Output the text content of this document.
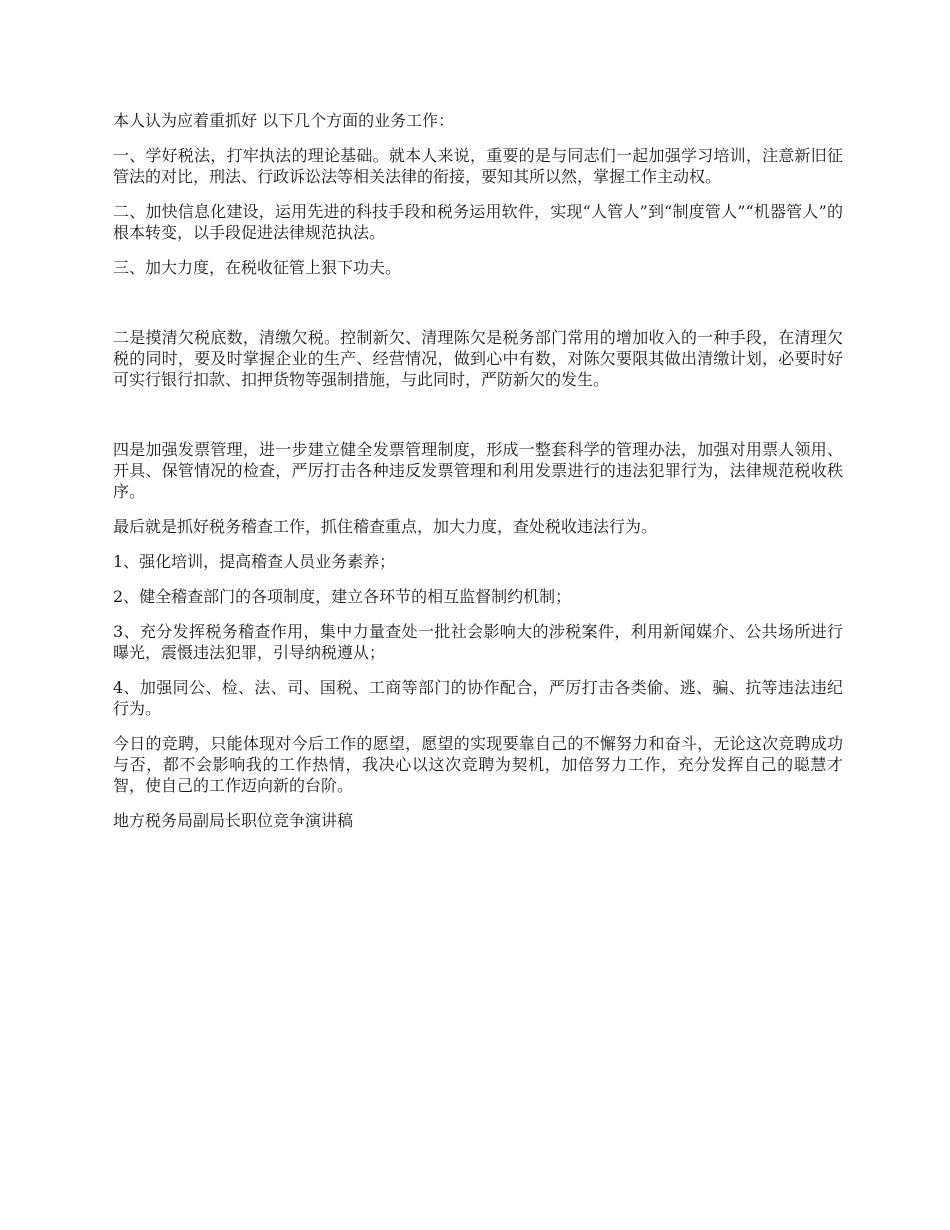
本人认为应着重抓好 以下几个方面的业务工作：

一、学好税法，打牢执法的理论基础。就本人来说，重要的是与同志们一起加强学习培训，注意新旧征管法的对比，刑法、行政诉讼法等相关法律的衔接，要知其所以然，掌握工作主动权。

二、加快信息化建设，运用先进的科技手段和税务运用软件，实现“人管人”到“制度管人”“机器管人”的根本转变，以手段促进法律规范执法。

三、加大力度，在税收征管上狠下功夫。

二是摸清欠税底数，清缴欠税。控制新欠、清理陈欠是税务部门常用的增加收入的一种手段，在清理欠税的同时，要及时掌握企业的生产、经营情况，做到心中有数，对陈欠要限其做出清缴计划，必要时好可实行银行扣款、扣押货物等强制措施，与此同时，严防新欠的发生。

四是加强发票管理，进一步建立健全发票管理制度，形成一整套科学的管理办法，加强对用票人领用、开具、保管情况的检查，严厉打击各种违反发票管理和利用发票进行的违法犯罪行为，法律规范税收秩序。

最后就是抓好税务稽查工作，抓住稽查重点，加大力度，查处税收违法行为。

1、强化培训，提高稽查人员业务素养；

2、健全稽查部门的各项制度，建立各环节的相互监督制约机制；

3、充分发挥税务稽查作用，集中力量查处一批社会影响大的涉税案件，利用新闻媒介、公共场所进行曝光，震慑违法犯罪，引导纳税遵从；

4、加强同公、检、法、司、国税、工商等部门的协作配合，严厉打击各类偷、逃、骗、抗等违法违纪行为。

今日的竞聘，只能体现对今后工作的愿望，愿望的实现要靠自己的不懈努力和奋斗，无论这次竞聘成功与否，都不会影响我的工作热情，我决心以这次竞聘为契机，加倍努力工作，充分发挥自己的聪慧才智，使自己的工作迈向新的台阶。

地方税务局副局长职位竞争演讲稿
